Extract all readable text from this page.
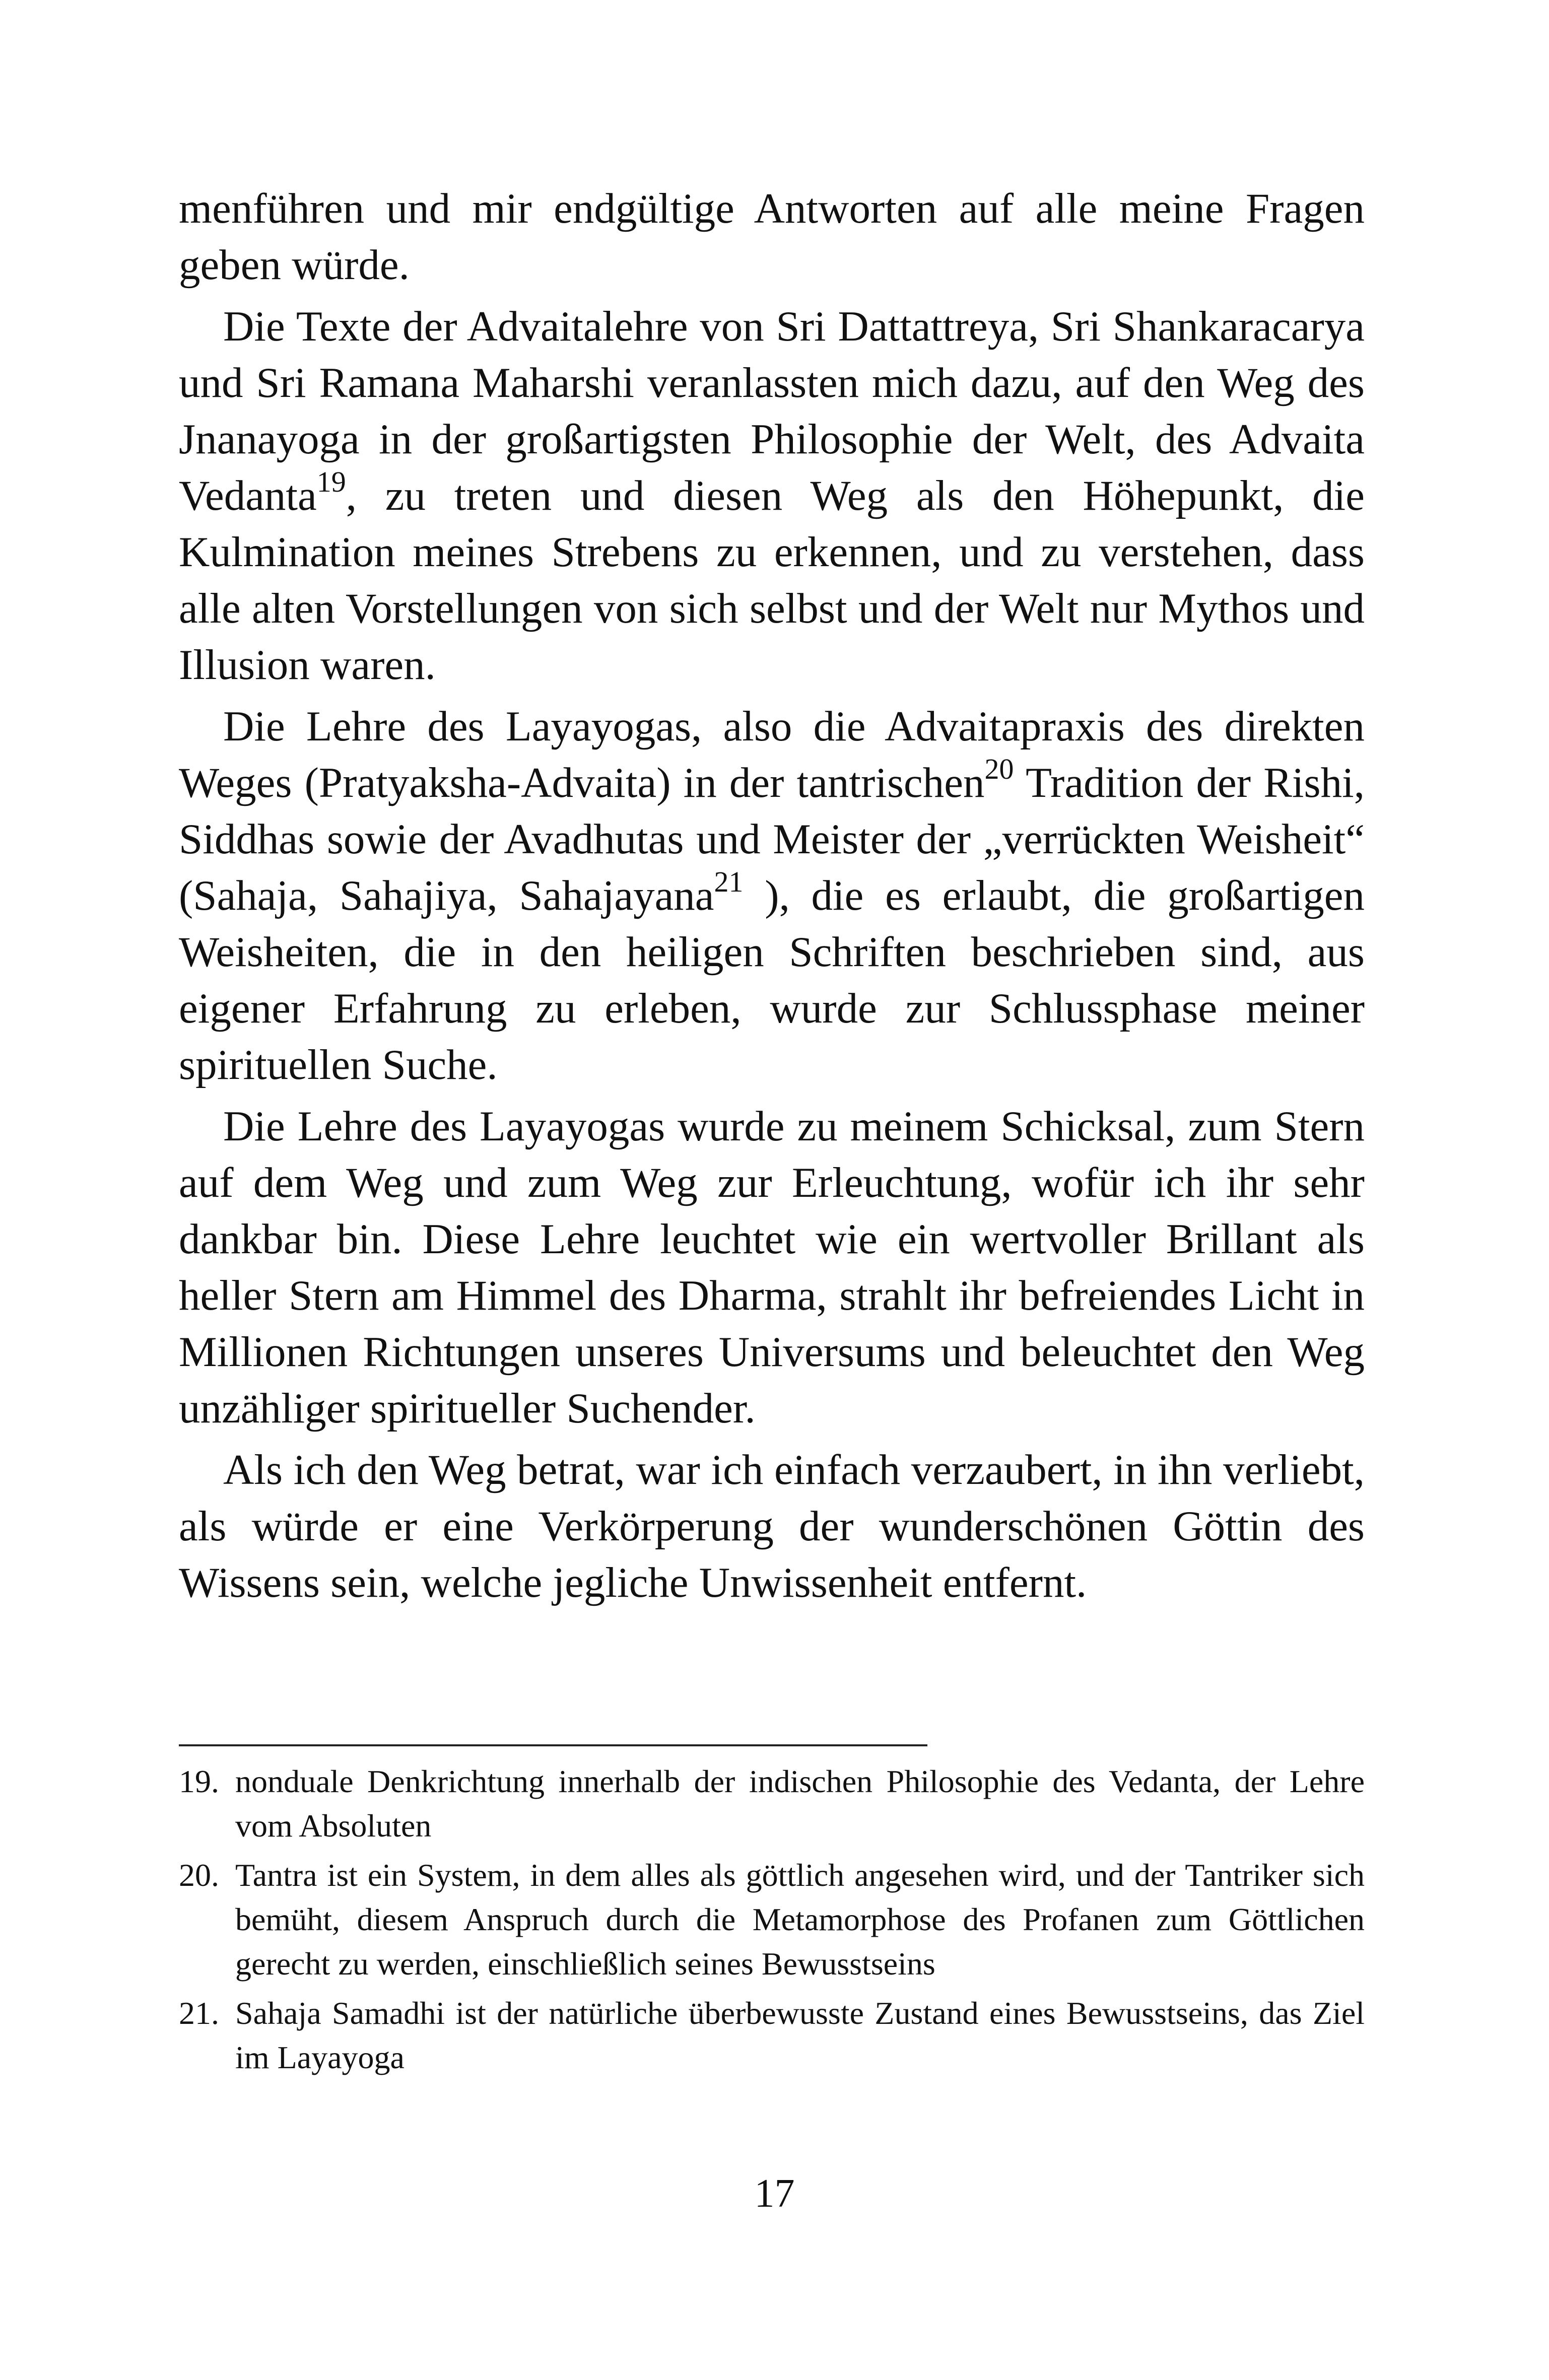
menführen und mir endgültige Antworten auf alle meine Fragen geben würde.

Die Texte der Advaitalehre von Sri Dattattreya, Sri Shankaracarya und Sri Ramana Maharshi veranlassten mich dazu, auf den Weg des Jnanayoga in der großartigsten Philosophie der Welt, des Advaita Vedanta$^{19}$, zu treten und diesen Weg als den Höhepunkt, die Kulmination meines Strebens zu erkennen, und zu verstehen, dass alle alten Vorstellungen von sich selbst und der Welt nur Mythos und Illusion waren.

Die Lehre des Layayogas, also die Advaitapraxis des direkten Weges (Pratyaksha-Advaita) in der tantrischen$^{20}$ Tradition der Rishi, Siddhas sowie der Avadhutas und Meister der „verrückten Weisheit“ (Sahaja, Sahajiya, Sahajayana$^{21}$ ), die es erlaubt, die großartigen Weisheiten, die in den heiligen Schriften beschrieben sind, aus eigener Erfahrung zu erleben, wurde zur Schlussphase meiner spirituellen Suche.

Die Lehre des Layayogas wurde zu meinem Schicksal, zum Stern auf dem Weg und zum Weg zur Erleuchtung, wofür ich ihr sehr dankbar bin. Diese Lehre leuchtet wie ein wertvoller Brillant als heller Stern am Himmel des Dharma, strahlt ihr befreiendes Licht in Millionen Richtungen unseres Universums und beleuchtet den Weg unzähliger spiritueller Suchender.

Als ich den Weg betrat, war ich einfach verzaubert, in ihn verliebt, als würde er eine Verkörperung der wunderschönen Göttin des Wissens sein, welche jegliche Unwissenheit entfernt.

19. nonduale Denkrichtung innerhalb der indischen Philosophie des Vedanta, der Lehre vom Absoluten
20. Tantra ist ein System, in dem alles als göttlich angesehen wird, und der Tantriker sich bemüht, diesem Anspruch durch die Metamorphose des Profanen zum Göttlichen gerecht zu werden, einschließlich seines Bewusstseins
21. Sahaja Samadhi ist der natürliche überbewusste Zustand eines Bewusstseins, das Ziel im Layayoga
17
